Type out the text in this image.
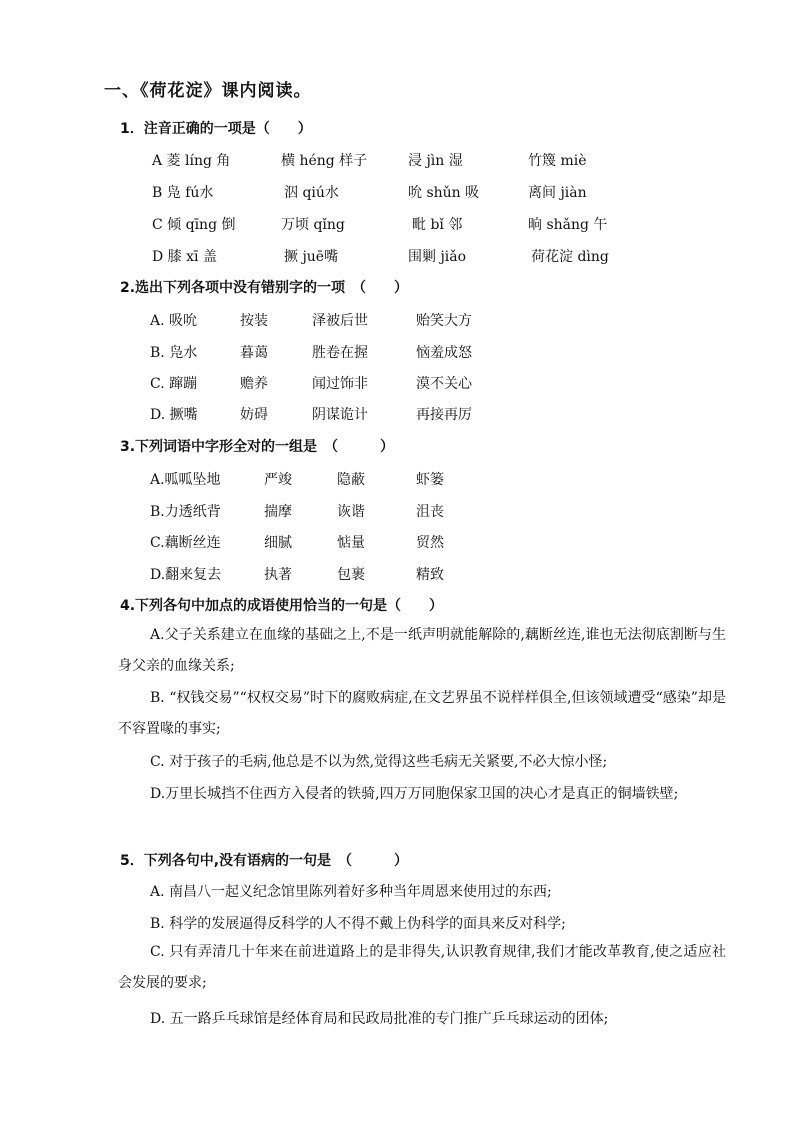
一、《荷花淀》课内阅读。
1．注音正确的一项是（　　）
A 菱 líng 角	横 héng 样子	浸 jìn 湿	竹篾 miè
B 凫 fú水	泅 qiú水	吮 shǔn 吸	离间 jiàn
C 倾 qīng 倒	万顷 qǐng	毗 bǐ 邻	晌 shǎng 午
D 膝 xī 盖	撅 juē嘴	围剿 jiǎo	荷花淀 dìng
2.选出下列各项中没有错别字的一项　（　　）
A. 吸吮	按装	泽被后世	贻笑大方
B. 凫水	暮蔼	胜卷在握	恼羞成怒
C. 蹿蹦	赡养	闻过饰非	漠不关心
D. 撅嘴	妨碍	阴谋诡计	再接再厉
3.下列词语中字形全对的一组是　（　　　）
A.呱呱坠地	严竣	隐蔽	虾篓
B.力透纸背	揣摩	诙谐	沮丧
C.藕断丝连	细腻	惦量	贸然
D.翻来复去	执著	包裹	精致
4.下列各句中加点的成语使用恰当的一句是（　　）

A.父子关系建立在血缘的基础之上,不是一纸声明就能解除的,藕断丝连,谁也无法彻底割断与生身父亲的血缘关系;

B. “权钱交易”“权权交易”时下的腐败病症,在文艺界虽不说样样俱全,但该领域遭受“感染”却是不容置喙的事实;

C. 对于孩子的毛病,他总是不以为然,觉得这些毛病无关紧要,不必大惊小怪;

D.万里长城挡不住西方入侵者的铁骑,四万万同胞保家卫国的决心才是真正的铜墙铁壁;

5．下列各句中,没有语病的一句是　（　　　）
A. 南昌八一起义纪念馆里陈列着好多种当年周恩来使用过的东西;
B. 科学的发展逼得反科学的人不得不戴上伪科学的面具来反对科学;

C. 只有弄清几十年来在前进道路上的是非得失,认识教育规律,我们才能改革教育,使之适应社会发展的要求;

D. 五一路乒乓球馆是经体育局和民政局批准的专门推广乒乓球运动的团体;
